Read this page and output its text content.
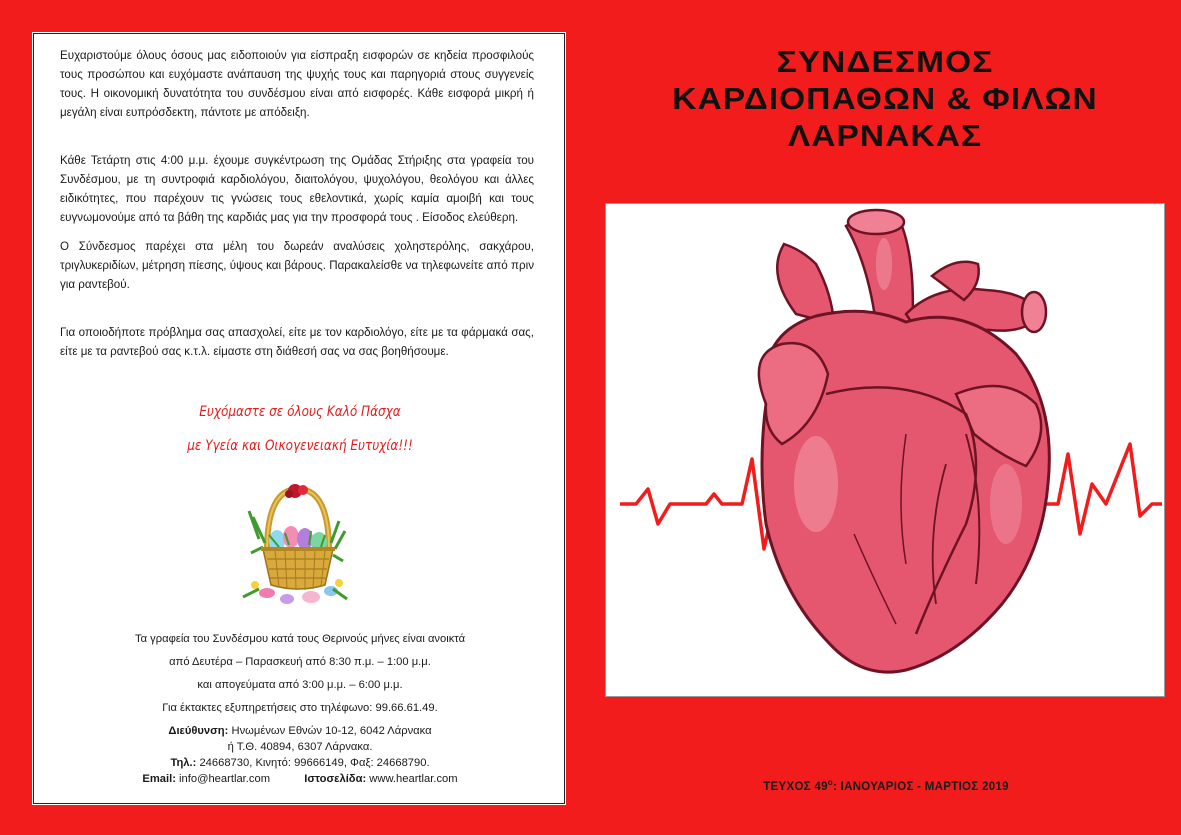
Ευχαριστούμε όλους όσους μας ειδοποιούν για είσπραξη εισφορών σε κηδεία προσφιλούς τους προσώπου και ευχόμαστε ανάπαυση της ψυχής τους και παρηγοριά στους συγγενείς τους. Η οικονομική δυνατότητα του συνδέσμου είναι από εισφορές. Κάθε εισφορά μικρή ή μεγάλη είναι ευπρόσδεκτη, πάντοτε με απόδειξη.

Κάθε Τετάρτη στις 4:00 μ.μ. έχουμε συγκέντρωση της Ομάδας Στήριξης στα γραφεία του Συνδέσμου, με τη συντροφιά καρδιολόγου, διαιτολόγου, ψυχολόγου, θεολόγου και άλλες ειδικότητες, που παρέχουν τις γνώσεις τους εθελοντικά, χωρίς καμία αμοιβή και τους ευγνωμονούμε από τα βάθη της καρδιάς μας για την προσφορά τους . Είσοδος ελεύθερη.

Ο Σύνδεσμος παρέχει στα μέλη του δωρεάν αναλύσεις χοληστερόλης, σακχάρου, τριγλυκεριδίων, μέτρηση πίεσης, ύψους και βάρους. Παρακαλείσθε να τηλεφωνείτε από πριν για ραντεβού.

Για οποιοδήποτε πρόβλημα σας απασχολεί, είτε με τον καρδιολόγο, είτε με τα φάρμακά σας, είτε με τα ραντεβού σας κ.τ.λ. είμαστε στη διάθεσή σας να σας βοηθήσουμε.

Ευχόμαστε σε όλους Καλό Πάσχα
με Υγεία και Οικογενειακή Ευτυχία!!!
Τα γραφεία του Συνδέσμου κατά τους Θερινούς μήνες είναι ανοικτά
από Δευτέρα – Παρασκευή από 8:30 π.μ. – 1:00 μ.μ.
και απογεύματα από 3:00 μ.μ. – 6:00 μ.μ.
Για έκτακτες εξυπηρετήσεις στο τηλέφωνο: 99.66.61.49.
Διεύθυνση: Ηνωμένων Εθνών 10-12, 6042 Λάρνακα
ή Τ.Θ. 40894, 6307 Λάρνακα.
Τηλ.: 24668730, Κινητό: 99666149, Φαξ: 24668790.
Email: info@heartlar.com	Ιστοσελίδα: www.heartlar.com
ΣΥΝΔΕΣΜΟΣ
ΚΑΡΔΙΟΠΑΘΩΝ & ΦΙΛΩΝ
ΛΑΡΝΑΚΑΣ
ΤΕΥΧΟΣ $49^o$: ΙΑΝΟΥΑΡΙΟΣ - ΜΑΡΤΙΟΣ 2019
